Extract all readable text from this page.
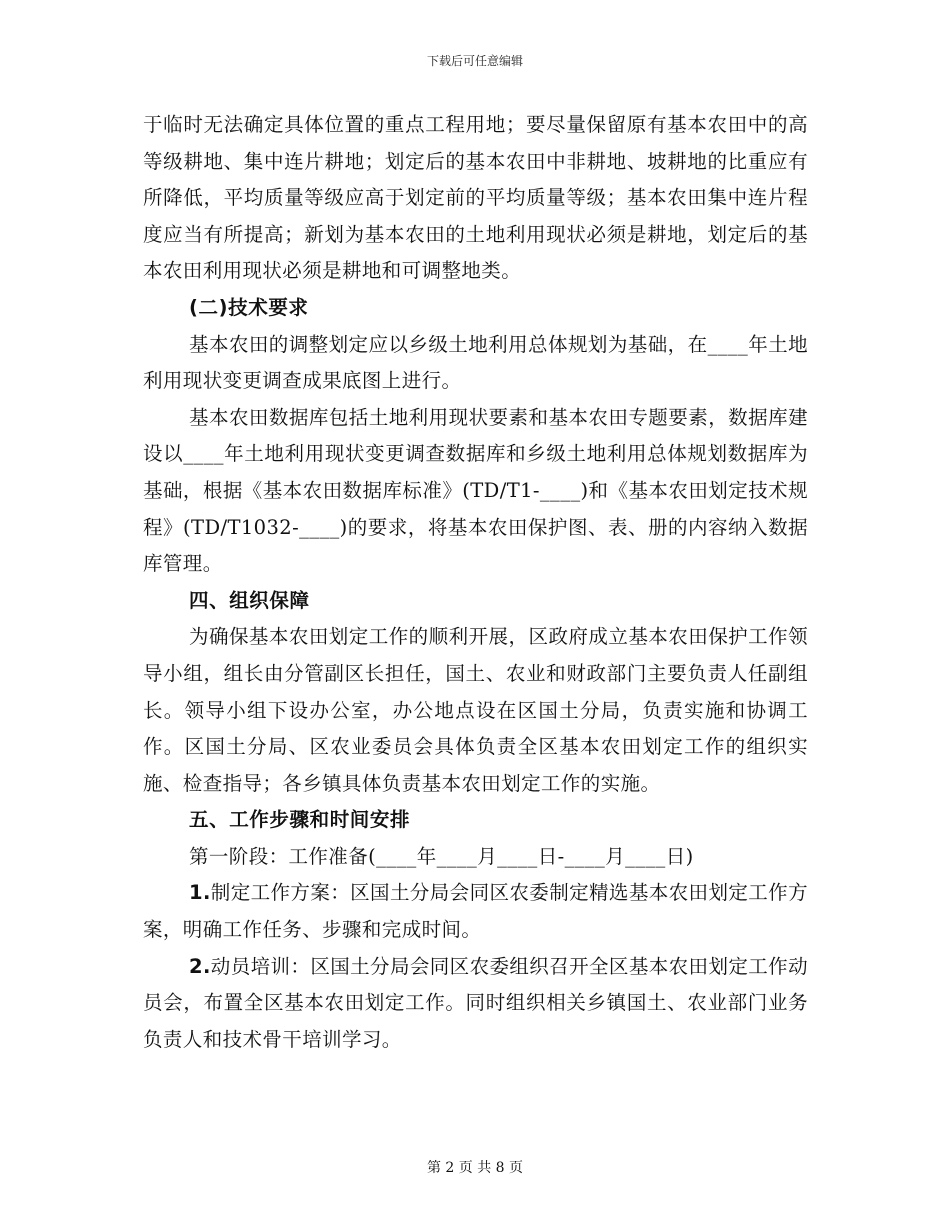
下载后可任意编辑

于临时无法确定具体位置的重点工程用地；要尽量保留原有基本农田中的高等级耕地、集中连片耕地；划定后的基本农田中非耕地、坡耕地的比重应有所降低，平均质量等级应高于划定前的平均质量等级；基本农田集中连片程度应当有所提高；新划为基本农田的土地利用现状必须是耕地，划定后的基本农田利用现状必须是耕地和可调整地类。

(二)技术要求

基本农田的调整划定应以乡级土地利用总体规划为基础，在____年土地利用现状变更调查成果底图上进行。

基本农田数据库包括土地利用现状要素和基本农田专题要素，数据库建设以____年土地利用现状变更调查数据库和乡级土地利用总体规划数据库为基础，根据《基本农田数据库标准》(TD/T1-____)和《基本农田划定技术规程》(TD/T1032-____)的要求，将基本农田保护图、表、册的内容纳入数据库管理。

四、组织保障

为确保基本农田划定工作的顺利开展，区政府成立基本农田保护工作领导小组，组长由分管副区长担任，国土、农业和财政部门主要负责人任副组长。领导小组下设办公室，办公地点设在区国土分局，负责实施和协调工作。区国土分局、区农业委员会具体负责全区基本农田划定工作的组织实施、检查指导；各乡镇具体负责基本农田划定工作的实施。

五、工作步骤和时间安排

第一阶段：工作准备(____年____月____日-____月____日)

1.制定工作方案：区国土分局会同区农委制定精选基本农田划定工作方案，明确工作任务、步骤和完成时间。

2.动员培训：区国土分局会同区农委组织召开全区基本农田划定工作动员会，布置全区基本农田划定工作。同时组织相关乡镇国土、农业部门业务负责人和技术骨干培训学习。

第 2 页 共 8 页
